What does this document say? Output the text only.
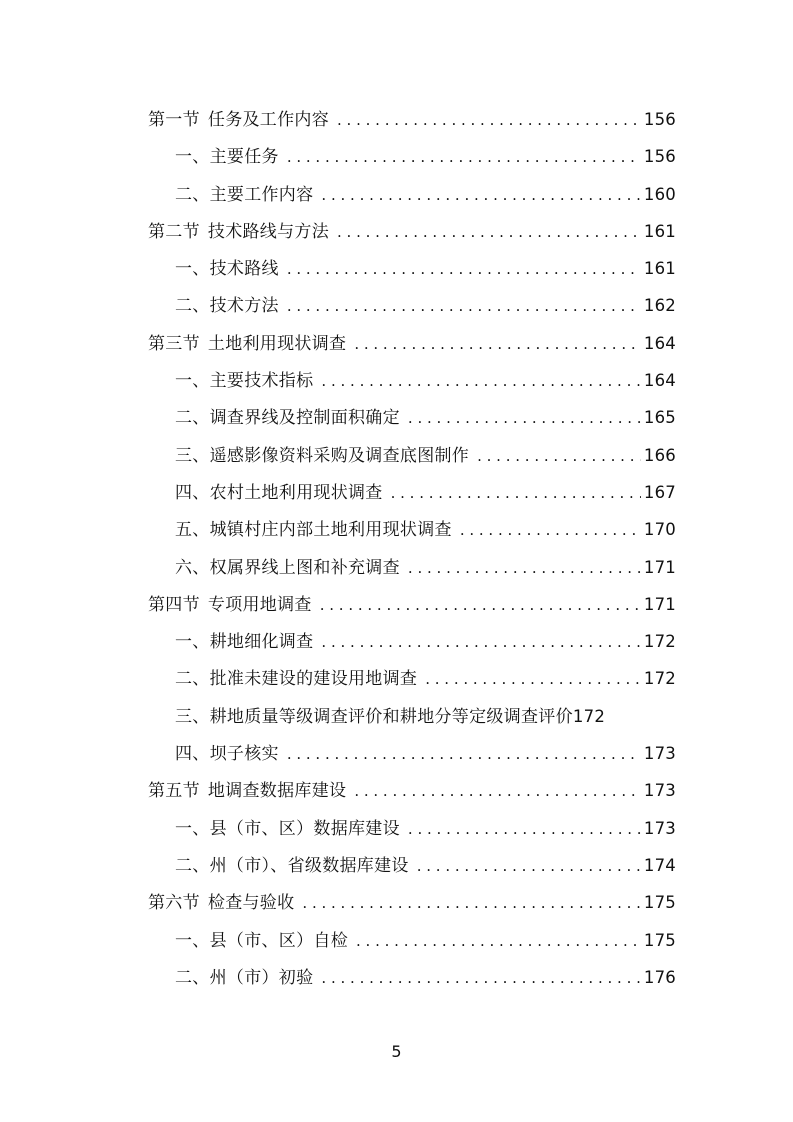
第一节 任务及工作内容 . . .	156
一、主要任务 . . .	156
二、主要工作内容 . . .	160
第二节 技术路线与方法 . . .	161
一、技术路线 . . .	161
二、技术方法 . . .	162
第三节 土地利用现状调查 . . .	164
一、主要技术指标 . . .	164
二、调查界线及控制面积确定 . . .	165
三、遥感影像资料采购及调查底图制作 . . .	166
四、农村土地利用现状调查 . . .	167
五、城镇村庄内部土地利用现状调查 . . .	170
六、权属界线上图和补充调查 . . .	171
第四节 专项用地调查 . . .	171
一、耕地细化调查 . . .	172
二、批准未建设的建设用地调查 . . .	172
三、耕地质量等级调查评价和耕地分等定级调查评价 172
四、坝子核实 . . .	173
第五节 地调查数据库建设 . . .	173
一、县（市、区）数据库建设 . . .	173
二、州（市）、省级数据库建设 . . .	174
第六节 检查与验收 . . .	175
一、县（市、区）自检 . . .	175
二、州（市）初验 . . .	176
5
